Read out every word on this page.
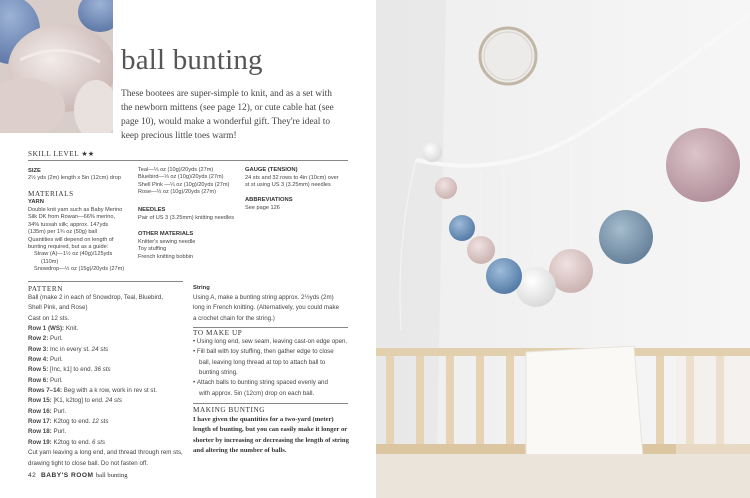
ball bunting
These bootees are super-simple to knit, and as a set with the newborn mittens (see page 12), or cute cable hat (see page 10), would make a wonderful gift. They're ideal to keep precious little toes warm!
SKILL LEVEL ★★
SIZE
2½ yds (2m) length x 5in (12cm) drop
MATERIALS
YARN
Double knit yarn such as Baby Merino
Silk DK from Rowan—66% merino,
34% tussah silk; approx. 147yds
(135m) per 1¾ oz (50g) ball
Quantities will depend on length of
bunting required, but as a guide:
Straw (A)—1½ oz (40g)/125yds
(110m)
Snowdrop—½ oz (15g)/20yds (27m)
Teal—⅓ oz (10g)/20yds (27m)
Bluebird—⅓ oz (10g)/20yds (27m)
Shell Pink —⅓ oz (10g)/20yds (27m)
Rose—⅓ oz (10g)/20yds (27m)
NEEDLES
Pair of US 3 (3.25mm) knitting needles
OTHER MATERIALS
Knitter's sewing needle
Toy stuffing
French knitting bobbin
GAUGE (TENSION)
24 sts and 32 rows to 4in (10cm) over
st st using US 3 (3.25mm) needles
ABBREVIATIONS
See page 126
PATTERN
Ball (make 2 in each of Snowdrop, Teal, Bluebird,
Shell Pink, and Rose)
Cast on 12 sts.
Row 1 (WS): Knit.
Row 2: Purl.
Row 3: Inc in every st. 24 sts
Row 4: Purl.
Row 5: [Inc, k1] to end. 36 sts
Row 6: Purl.
Rows 7–14: Beg with a k row, work in rev st st.
Row 15: [K1, k2tog] to end. 24 sts
Row 16: Purl.
Row 17: K2tog to end. 12 sts
Row 18: Purl.
Row 19: K2tog to end. 6 sts
Cut yarn leaving a long end, and thread through rem sts,
drawing tight to close ball. Do not fasten off.
String
Using A, make a bunting string approx. 2½yds (2m)
long in French knitting. (Alternatively, you could make
a crochet chain for the string.)
TO MAKE UP
• Using long end, sew seam, leaving cast-on edge open.
• Fill ball with toy stuffing, then gather edge to close
ball, leaving long thread at top to attach ball to
bunting string.
• Attach balls to bunting string spaced evenly and
with approx. 5in (12cm) drop on each ball.
MAKING BUNTING
I have given the quantities for a two-yard (meter)
length of bunting, but you can easily make it longer or
shorter by increasing or decreasing the length of string
and altering the number of balls.
42 BABY'S ROOM ball bunting
